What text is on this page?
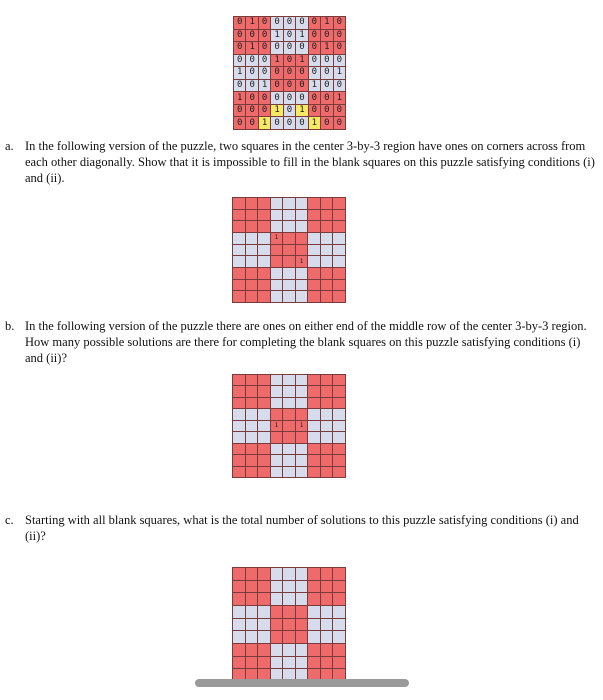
0 1 0 0 0 0 0 1 0
0 0 0 1 0 1 0 0 0
0 1 0 0 0 0 0 1 0
0 0 0 1 0 1 0 0 0
1 0 0 0 0 0 0 0 1
0 0 1 0 0 0 1 0 0
1 0 0 0 0 0 0 0 1
0 0 0 1 0 1 0 0 0
0 0 1 0 0 0 1 0 0
a. In the following version of the puzzle, two squares in the center 3-by-3 region have ones on corners across from each other diagonally. Show that it is impossible to fill in the blank squares on this puzzle satisfying conditions (i) and (ii).
1
1
b. In the following version of the puzzle there are ones on either end of the middle row of the center 3-by-3 region. How many possible solutions are there for completing the blank squares on this puzzle satisfying conditions (i) and (ii)?
1	1
c. Starting with all blank squares, what is the total number of solutions to this puzzle satisfying conditions (i) and (ii)?
